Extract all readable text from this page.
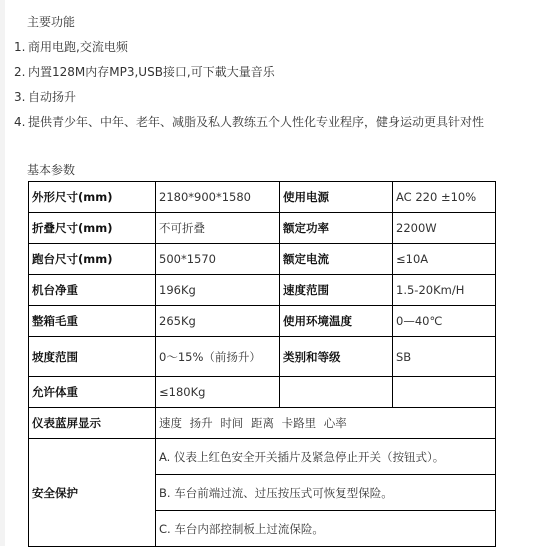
主要功能
1. 商用电跑,交流电频
2. 内置128M内存MP3,USB接口,可下載大量音乐
3. 自动扬升
4. 提供青少年、中年、老年、减脂及私人教练五个人性化专业程序，健身运动更具针对性
基本参数
外形尺寸(mm)	2180*900*1580	使用电源	AC 220 ±10%
折叠尺寸(mm)	不可折叠	额定功率	2200W
跑台尺寸(mm)	500*1570	额定电流	≤10A
机台净重	196Kg	速度范围	1.5-20Km/H
整箱毛重	265Kg	使用环境温度	0—40℃
坡度范围	0～15%（前扬升）	类别和等级	SB
允许体重	≤180Kg		
仪表蓝屏显示	速度 扬升 时间 距离 卡路里 心率		
安全保护	A. 仪表上红色安全开关插片及紧急停止开关（按钮式）。		
	B. 车台前端过流、过压按压式可恢复型保险。		
	C. 车台内部控制板上过流保险。		
